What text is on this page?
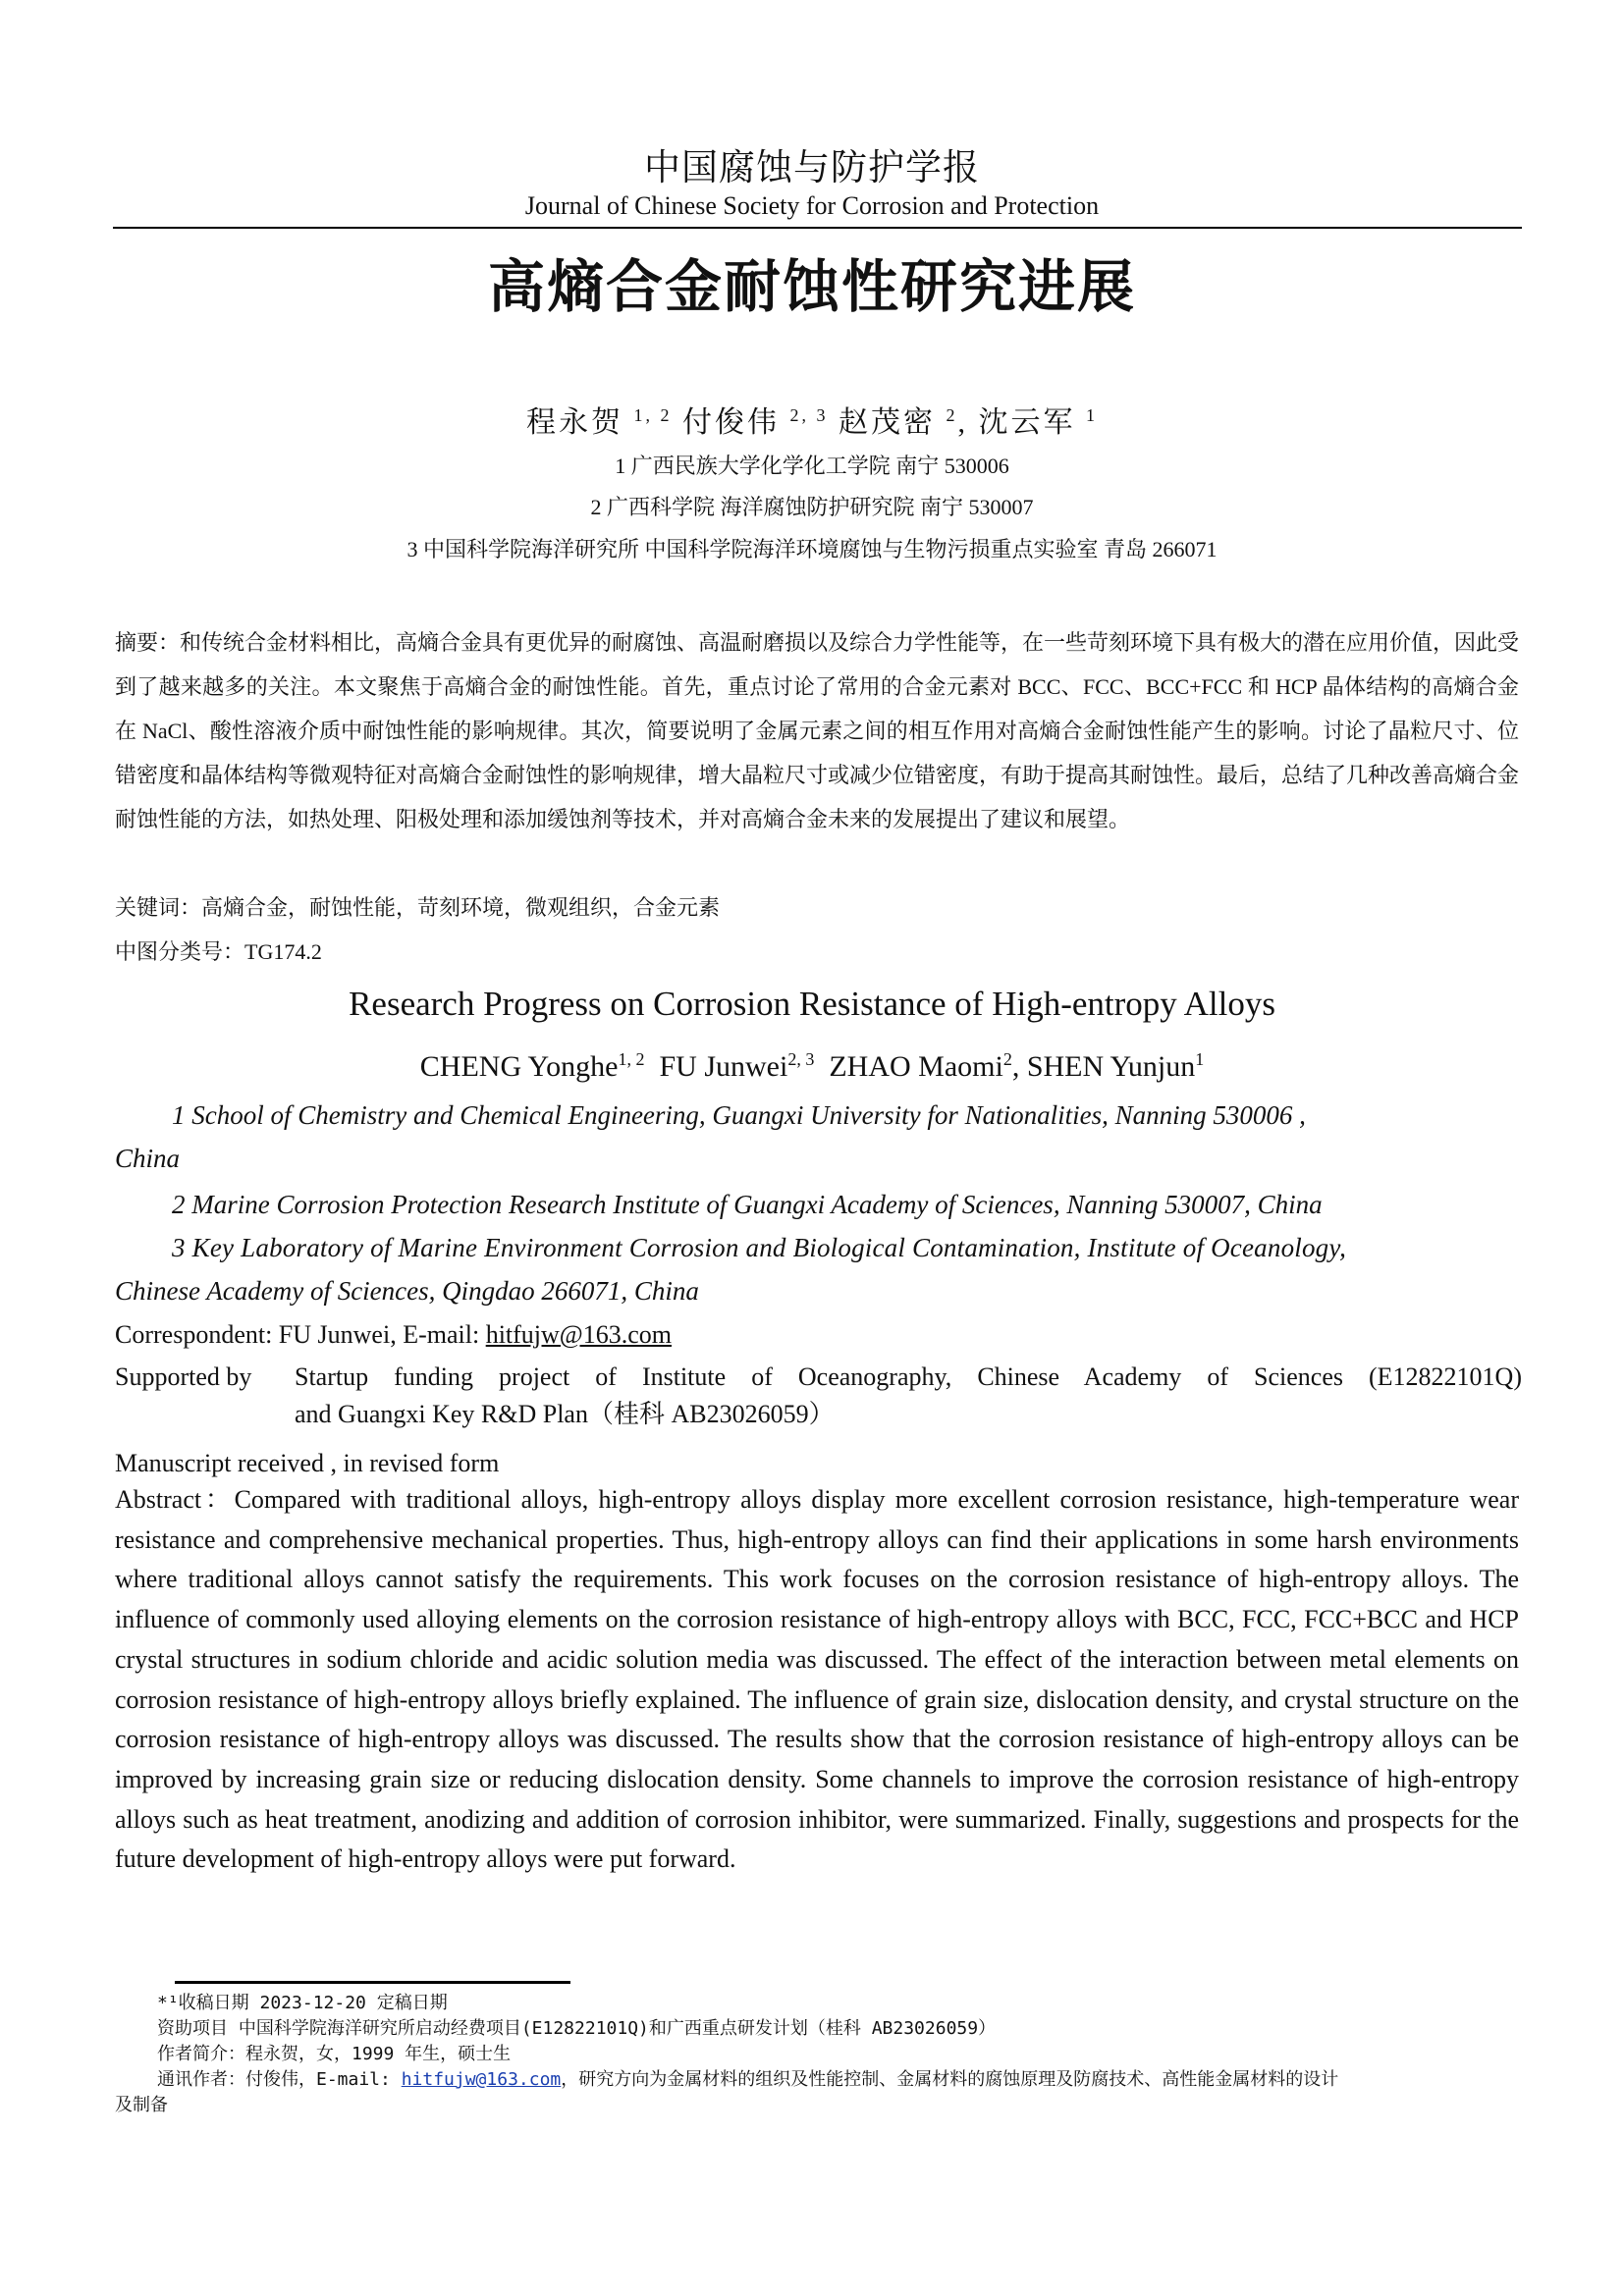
中国腐蚀与防护学报
Journal of Chinese Society for Corrosion and Protection
高熵合金耐蚀性研究进展
程永贺 $^{1, 2}$ 付俊伟 $^{2, 3}$ 赵茂密 $^2$, 沈云军 $^1$
1 广西民族大学化学化工学院 南宁 530006
2 广西科学院 海洋腐蚀防护研究院 南宁 530007
3 中国科学院海洋研究所 中国科学院海洋环境腐蚀与生物污损重点实验室 青岛 266071
摘要：和传统合金材料相比，高熵合金具有更优异的耐腐蚀、高温耐磨损以及综合力学性能等，在一些苛刻环境下具有极大的潜在应用价值，因此受到了越来越多的关注。本文聚焦于高熵合金的耐蚀性能。首先，重点讨论了常用的合金元素对 BCC、FCC、BCC+FCC 和 HCP 晶体结构的高熵合金在 NaCl、酸性溶液介质中耐蚀性能的影响规律。其次，简要说明了金属元素之间的相互作用对高熵合金耐蚀性能产生的影响。讨论了晶粒尺寸、位错密度和晶体结构等微观特征对高熵合金耐蚀性的影响规律，增大晶粒尺寸或减少位错密度，有助于提高其耐蚀性。最后，总结了几种改善高熵合金耐蚀性能的方法，如热处理、阳极处理和添加缓蚀剂等技术，并对高熵合金未来的发展提出了建议和展望。
关键词：高熵合金，耐蚀性能，苛刻环境，微观组织，合金元素
中图分类号：TG174.2
Research Progress on Corrosion Resistance of High-entropy Alloys
CHENG Yonghe$^{1, 2}$ FU Junwei$^{2, 3}$ ZHAO Maomi$^2$, SHEN Yunjun$^1$
1 School of Chemistry and Chemical Engineering, Guangxi University for Nationalities, Nanning 530006 ,
China
2 Marine Corrosion Protection Research Institute of Guangxi Academy of Sciences, Nanning 530007, China
3 Key Laboratory of Marine Environment Corrosion and Biological Contamination, Institute of Oceanology,
Chinese Academy of Sciences, Qingdao 266071, China
Correspondent: FU Junwei, E-mail: hitfujw@163.com
Supported by Startup funding project of Institute of Oceanography, Chinese Academy of Sciences (E12822101Q)
and Guangxi Key R&D Plan（桂科 AB23026059）
Manuscript received , in revised form
Abstract：Compared with traditional alloys, high-entropy alloys display more excellent corrosion resistance, high-temperature wear resistance and comprehensive mechanical properties. Thus, high-entropy alloys can find their applications in some harsh environments where traditional alloys cannot satisfy the requirements. This work focuses on the corrosion resistance of high-entropy alloys. The influence of commonly used alloying elements on the corrosion resistance of high-entropy alloys with BCC, FCC, FCC+BCC and HCP crystal structures in sodium chloride and acidic solution media was discussed. The effect of the interaction between metal elements on corrosion resistance of high-entropy alloys briefly explained. The influence of grain size, dislocation density, and crystal structure on the corrosion resistance of high-entropy alloys was discussed. The results show that the corrosion resistance of high-entropy alloys can be improved by increasing grain size or reducing dislocation density. Some channels to improve the corrosion resistance of high-entropy alloys such as heat treatment, anodizing and addition of corrosion inhibitor, were summarized. Finally, suggestions and prospects for the future development of high-entropy alloys were put forward.
*¹收稿日期 2023-12-20 定稿日期
资助项目 中国科学院海洋研究所启动经费项目(E12822101Q)和广西重点研发计划（桂科 AB23026059）
作者简介：程永贺，女，1999 年生，硕士生
通讯作者：付俊伟，E-mail: hitfujw@163.com，研究方向为金属材料的组织及性能控制、金属材料的腐蚀原理及防腐技术、高性能金属材料的设计
及制备
